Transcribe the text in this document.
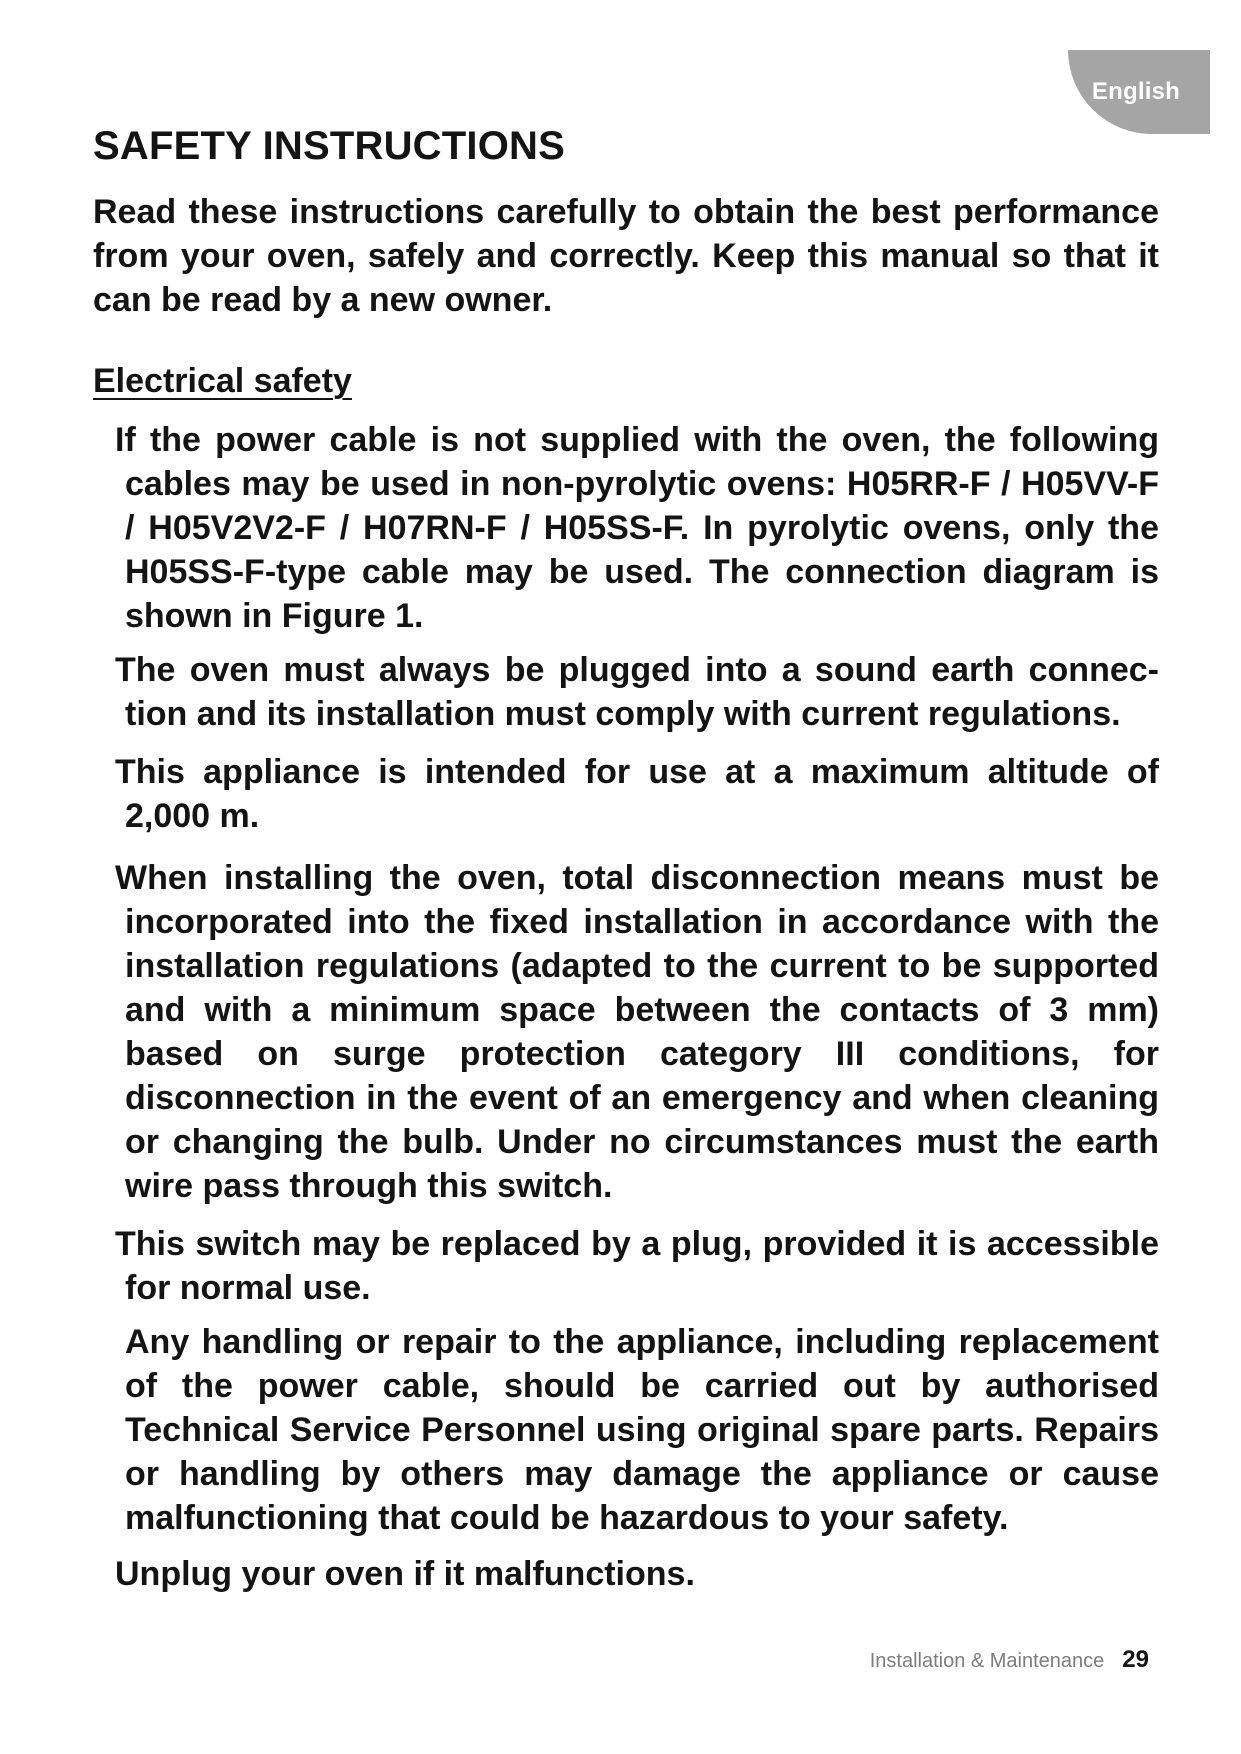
English
SAFETY INSTRUCTIONS

Read these instructions carefully to obtain the best performance from your oven, safely and correctly. Keep this manual so that it can be read by a new owner.

Electrical safety

If the power cable is not supplied with the oven, the following cables may be used in non-pyrolytic ovens: H05RR-F / H05VV-F / H05V2V2-F / H07RN-F / H05SS-F. In pyrolytic ovens, only the H05SS-F-type cable may be used. The connection diagram is shown in Figure 1.

The oven must always be plugged into a sound earth connection and its installation must comply with current regulations.

This appliance is intended for use at a maximum altitude of 2,000 m.

When installing the oven, total disconnection means must be incorporated into the fixed installation in accordance with the installation regulations (adapted to the current to be supported and with a minimum space between the contacts of 3 mm) based on surge protection category III conditions, for disconnection in the event of an emergency and when cleaning or changing the bulb. Under no circumstances must the earth wire pass through this switch.

This switch may be replaced by a plug, provided it is accessible for normal use.

Any handling or repair to the appliance, including replacement of the power cable, should be carried out by authorised Technical Service Personnel using original spare parts. Repairs or handling by others may damage the appliance or cause malfunctioning that could be hazardous to your safety.

Unplug your oven if it malfunctions.

Installation & Maintenance 29
